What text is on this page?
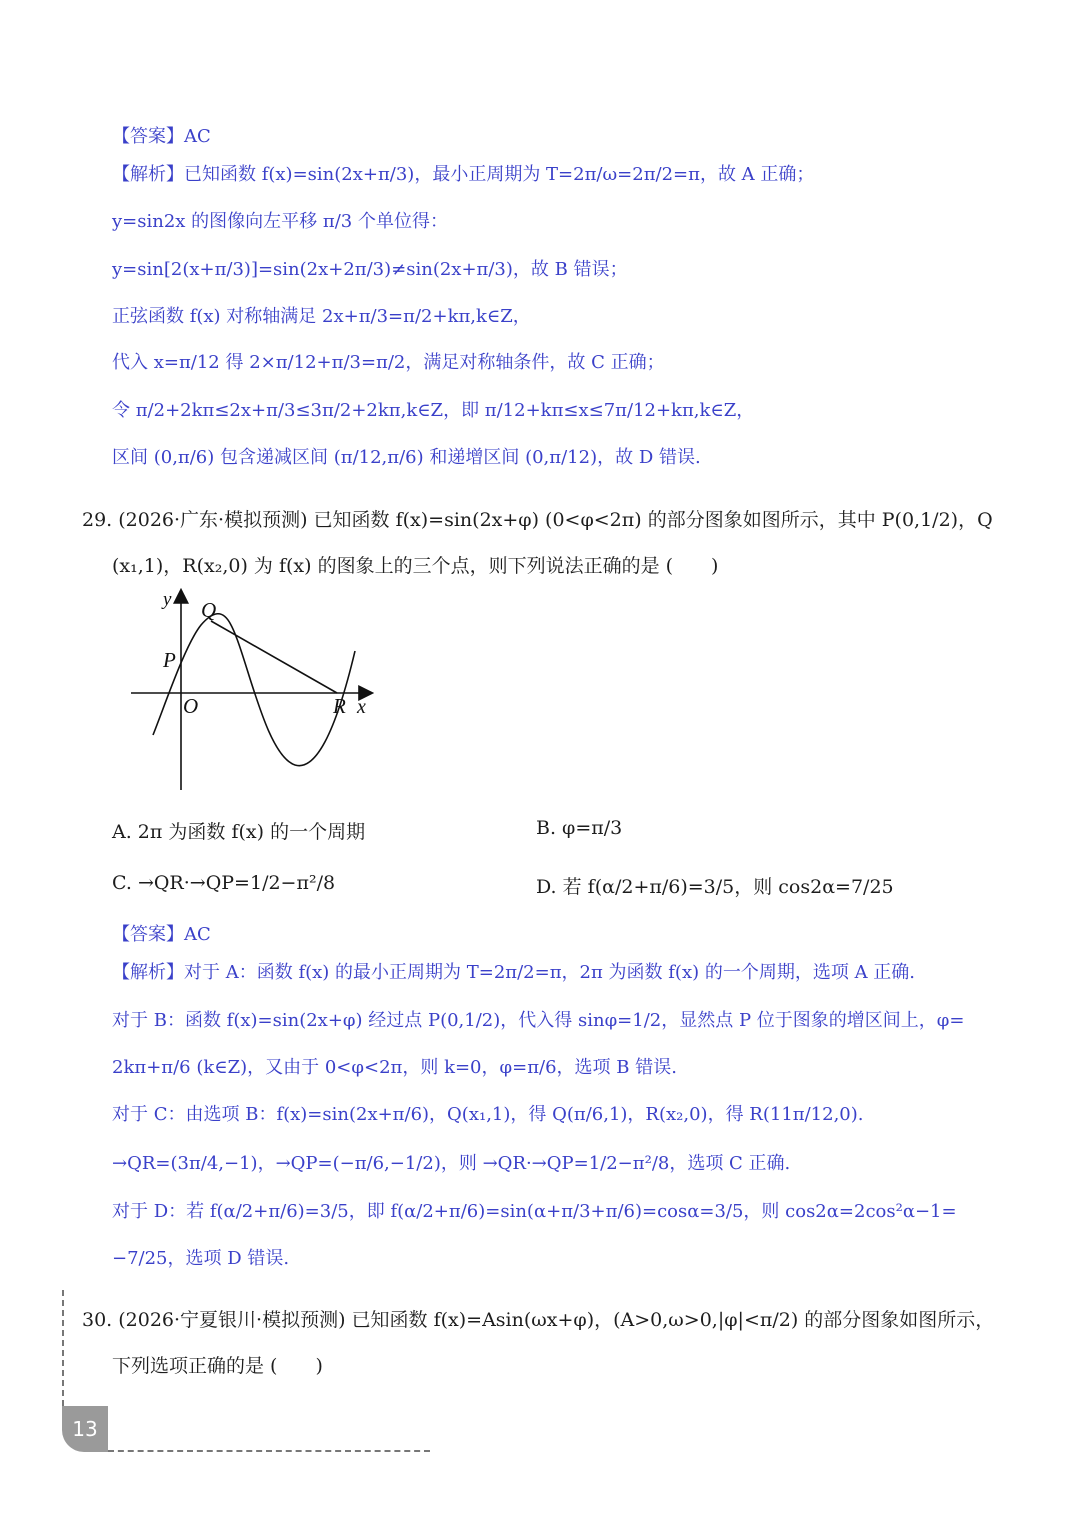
【答案】AC
【解析】已知函数 f(x)=sin(2x+π/3)，最小正周期为 T=2π/ω=2π/2=π，故 A 正确；
y=sin2x 的图像向左平移 π/3 个单位得：
y=sin[2(x+π/3)]=sin(2x+2π/3)≠sin(2x+π/3)，故 B 错误；
正弦函数 f(x) 对称轴满足 2x+π/3=π/2+kπ,k∈Z，
代入 x=π/12 得 2×π/12+π/3=π/2，满足对称轴条件，故 C 正确；
令 π/2+2kπ≤2x+π/3≤3π/2+2kπ,k∈Z，即 π/12+kπ≤x≤7π/12+kπ,k∈Z，
区间 (0,π/6) 包含递减区间 (π/12,π/6) 和递增区间 (0,π/12)，故 D 错误.
29. (2026·广东·模拟预测) 已知函数 f(x)=sin(2x+φ) (0<φ<2π) 的部分图象如图所示，其中 P(0,1/2)，Q
(x₁,1)，R(x₂,0) 为 f(x) 的图象上的三个点，则下列说法正确的是 (　　)
y Q
P
O	R x
A. 2π 为函数 f(x) 的一个周期	B. φ=π/3
C. →QR·→QP=1/2−π²/8	D. 若 f(α/2+π/6)=3/5，则 cos2α=7/25
【答案】AC
【解析】对于 A：函数 f(x) 的最小正周期为 T=2π/2=π，2π 为函数 f(x) 的一个周期，选项 A 正确.
对于 B：函数 f(x)=sin(2x+φ) 经过点 P(0,1/2)，代入得 sinφ=1/2，显然点 P 位于图象的增区间上，φ=
2kπ+π/6 (k∈Z)，又由于 0<φ<2π，则 k=0，φ=π/6，选项 B 错误.
对于 C：由选项 B：f(x)=sin(2x+π/6)，Q(x₁,1)，得 Q(π/6,1)，R(x₂,0)，得 R(11π/12,0).
→QR=(3π/4,−1)，→QP=(−π/6,−1/2)，则 →QR·→QP=1/2−π²/8，选项 C 正确.
对于 D：若 f(α/2+π/6)=3/5，即 f(α/2+π/6)=sin(α+π/3+π/6)=cosα=3/5，则 cos2α=2cos²α−1=
−7/25，选项 D 错误.
30. (2026·宁夏银川·模拟预测) 已知函数 f(x)=Asin(ωx+φ)，(A>0,ω>0,|φ|<π/2) 的部分图象如图所示，
下列选项正确的是 (　　)
13
